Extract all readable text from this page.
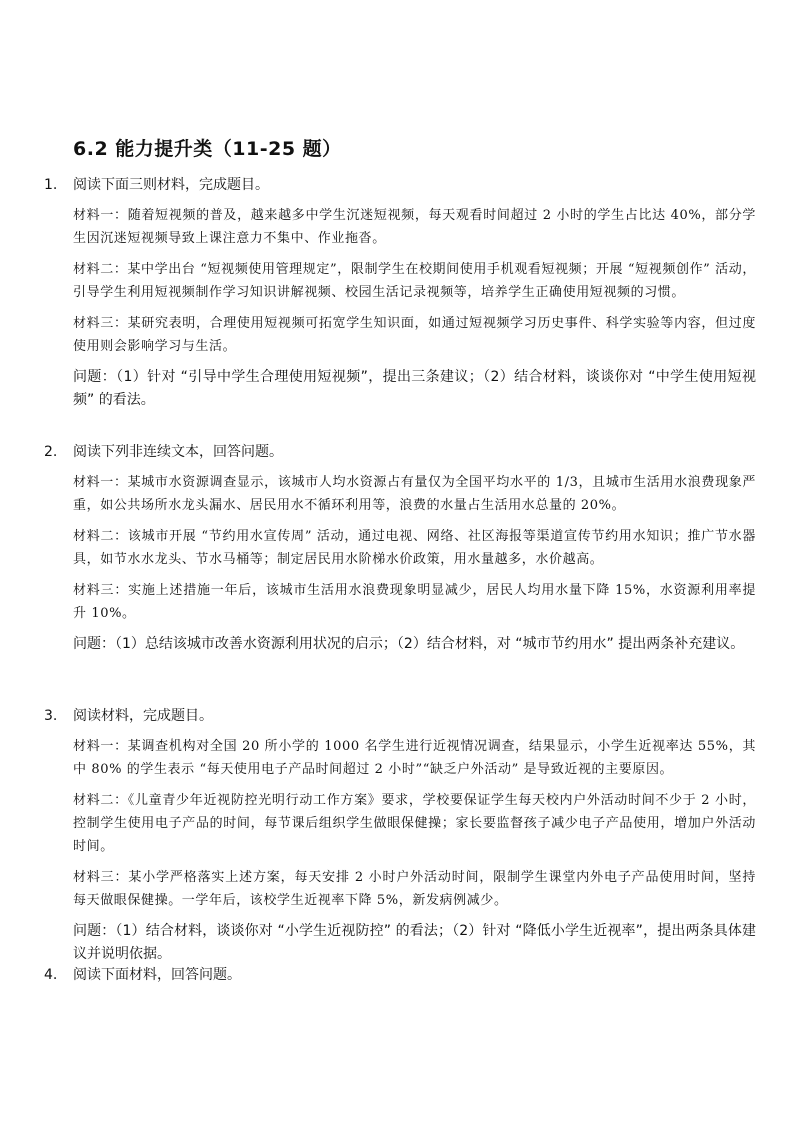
6.2 能力提升类（11-25 题）
1.	阅读下面三则材料，完成题目。
材料一：随着短视频的普及，越来越多中学生沉迷短视频，每天观看时间超过 2 小时的学生占比达 40%，部分学生因沉迷短视频导致上课注意力不集中、作业拖沓。
材料二：某中学出台 “短视频使用管理规定”，限制学生在校期间使用手机观看短视频；开展 “短视频创作” 活动，引导学生利用短视频制作学习知识讲解视频、校园生活记录视频等，培养学生正确使用短视频的习惯。
材料三：某研究表明，合理使用短视频可拓宽学生知识面，如通过短视频学习历史事件、科学实验等内容，但过度使用则会影响学习与生活。
问题：（1）针对 “引导中学生合理使用短视频”，提出三条建议；（2）结合材料，谈谈你对 “中学生使用短视频” 的看法。
2.	阅读下列非连续文本，回答问题。
材料一：某城市水资源调查显示，该城市人均水资源占有量仅为全国平均水平的 1/3，且城市生活用水浪费现象严重，如公共场所水龙头漏水、居民用水不循环利用等，浪费的水量占生活用水总量的 20%。
材料二：该城市开展 “节约用水宣传周” 活动，通过电视、网络、社区海报等渠道宣传节约用水知识；推广节水器具，如节水水龙头、节水马桶等；制定居民用水阶梯水价政策，用水量越多，水价越高。
材料三：实施上述措施一年后，该城市生活用水浪费现象明显减少，居民人均用水量下降 15%，水资源利用率提升 10%。
问题：（1）总结该城市改善水资源利用状况的启示；（2）结合材料，对 “城市节约用水” 提出两条补充建议。
3.	阅读材料，完成题目。
材料一：某调查机构对全国 20 所小学的 1000 名学生进行近视情况调查，结果显示，小学生近视率达 55%，其中 80% 的学生表示 “每天使用电子产品时间超过 2 小时”“缺乏户外活动” 是导致近视的主要原因。
材料二：《儿童青少年近视防控光明行动工作方案》要求，学校要保证学生每天校内户外活动时间不少于 2 小时，控制学生使用电子产品的时间，每节课后组织学生做眼保健操；家长要监督孩子减少电子产品使用，增加户外活动时间。
材料三：某小学严格落实上述方案，每天安排 2 小时户外活动时间，限制学生课堂内外电子产品使用时间，坚持每天做眼保健操。一学年后，该校学生近视率下降 5%，新发病例减少。
问题：（1）结合材料，谈谈你对 “小学生近视防控” 的看法；（2）针对 “降低小学生近视率”，提出两条具体建议并说明依据。
4.	阅读下面材料，回答问题。
